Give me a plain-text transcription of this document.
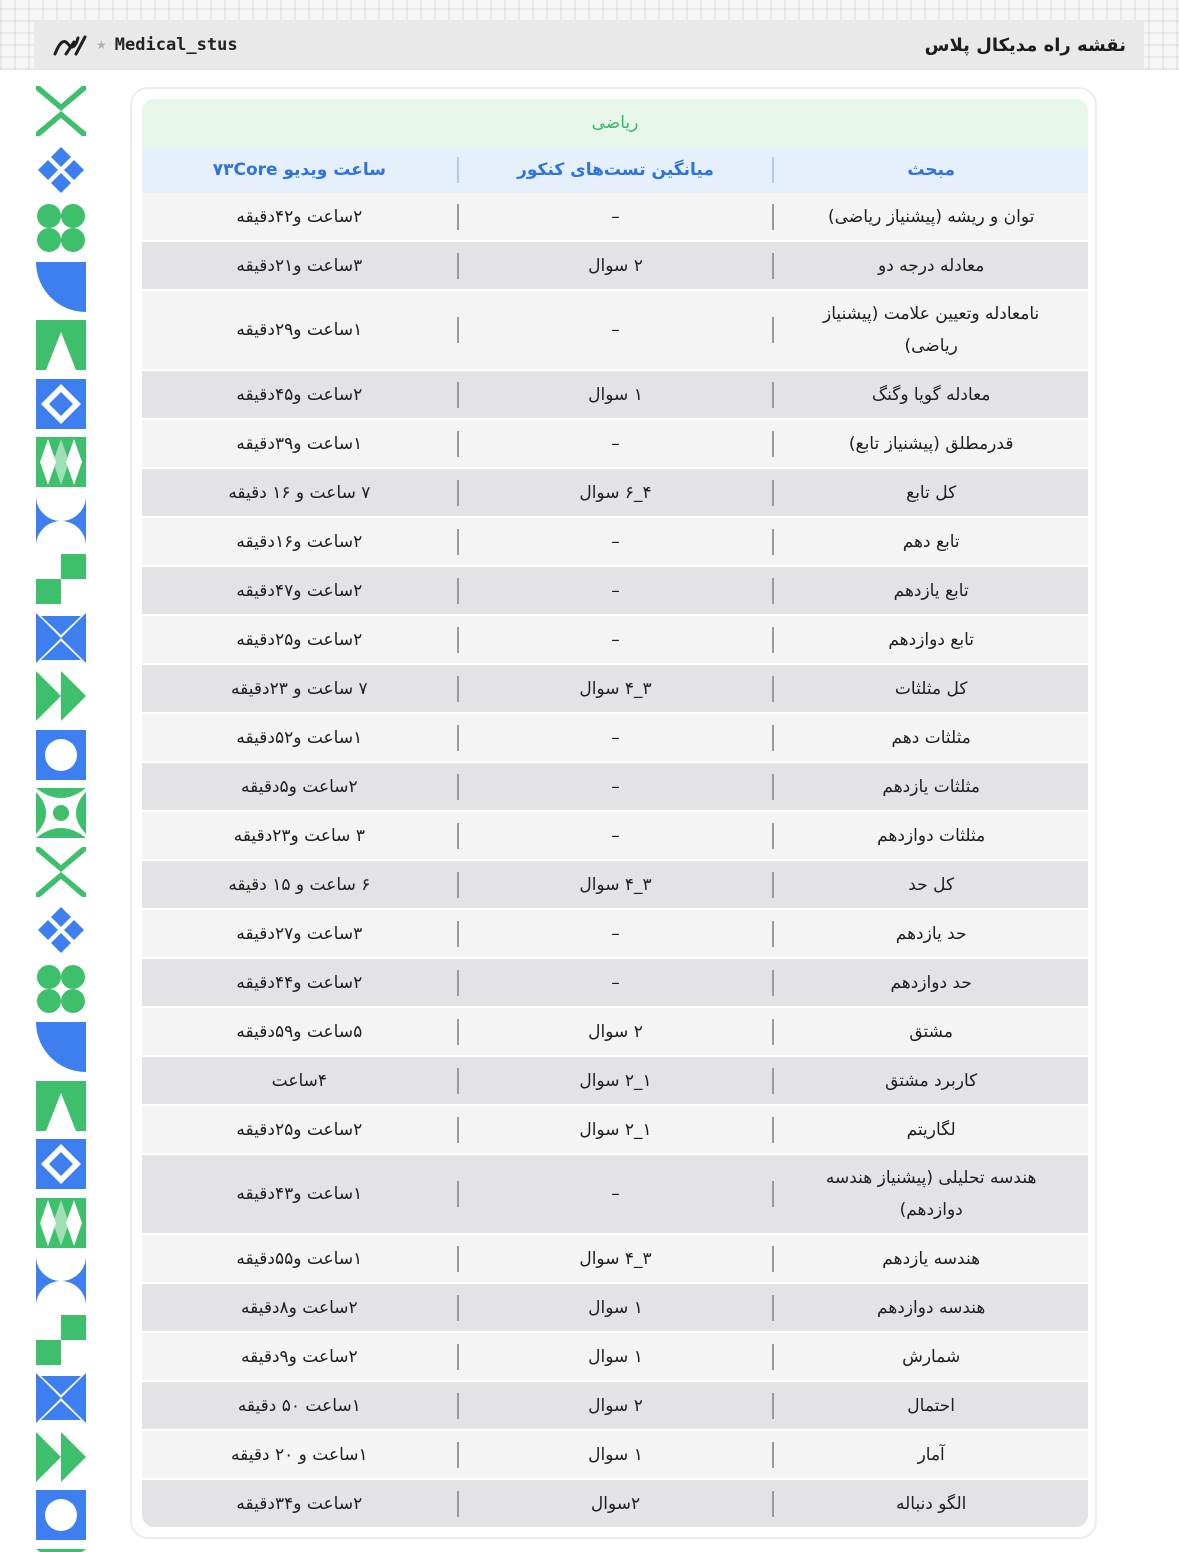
★ Medical_stus	نقشه راه مدیکال پلاس
ریاضی
مبحث
میانگین تست‌های کنکور
ساعت ویدیو ۷۳Core
توان و ریشه (پیشنیاز ریاضی)
–
۲ساعت و۴۲دقیقه
معادله درجه دو
۲ سوال
۳ساعت و۲۱دقیقه
نامعادله وتعیین علامت (پیشنیاز ریاضی)
–
۱ساعت و۲۹دقیقه
معادله گویا وگنگ
۱ سوال
۲ساعت و۴۵دقیقه
قدرمطلق (پیشنیاز تابع)
–
۱ساعت و۳۹دقیقه
کل تابع
۴_۶ سوال
۷ ساعت و ۱۶ دقیقه
تابع دهم
–
۲ساعت و۱۶دقیقه
تابع یازدهم
–
۲ساعت و۴۷دقیقه
تابع دوازدهم
–
۲ساعت و۲۵دقیقه
کل مثلثات
۳_۴ سوال
۷ ساعت و ۲۳دقیقه
مثلثات دهم
–
۱ساعت و۵۲دقیقه
مثلثات یازدهم
–
۲ساعت و۵دقیقه
مثلثات دوازدهم
–
۳ ساعت و۲۳دقیقه
کل حد
۳_۴ سوال
۶ ساعت و ۱۵ دقیقه
حد یازدهم
–
۳ساعت و۲۷دقیقه
حد دوازدهم
–
۲ساعت و۴۴دقیقه
مشتق
۲ سوال
۵ساعت و۵۹دقیقه
کاربرد مشتق
۱_۲ سوال
۴ساعت
لگاریتم
۱_۲ سوال
۲ساعت و۲۵دقیقه
هندسه تحلیلی (پیشنیاز هندسه دوازدهم)
–
۱ساعت و۴۳دقیقه
هندسه یازدهم
۳_۴ سوال
۱ساعت و۵۵دقیقه
هندسه دوازدهم
۱ سوال
۲ساعت و۸دقیقه
شمارش
۱ سوال
۲ساعت و۹دقیقه
احتمال
۲ سوال
۱ساعت ۵۰ دقیقه
آمار
۱ سوال
۱ساعت و ۲۰ دقیقه
الگو دنباله
۲سوال
۲ساعت و۳۴دقیقه
